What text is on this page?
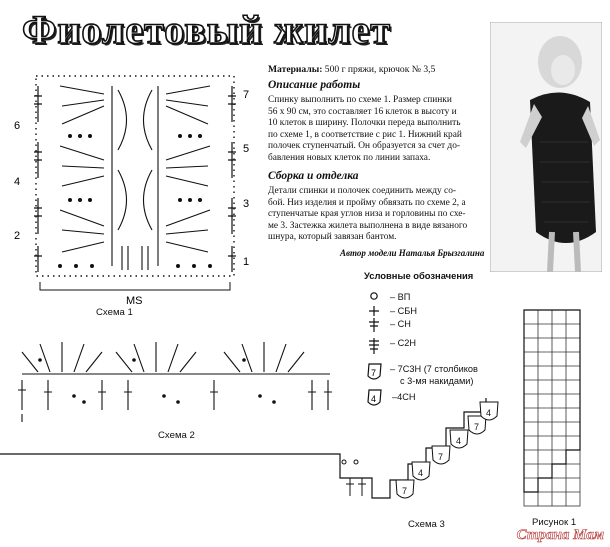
Фиолетовый жилет
Материалы: 500 г пряжи, крючок № 3,5
Описание работы
Спинку выполнить по схеме 1. Размер спинки
56 х 90 см, это составляет 16 клеток в высоту и
10 клеток в ширину. Полочки переда выполнить
по схеме 1, в соответствие с рис 1. Нижний край
полочек ступенчатый. Он образуется за счет до-
бавления новых клеток по линии запаха.
Сборка и отделка
Детали спинки и полочек соединить между со-
бой. Низ изделия и пройму обвязать по схеме 2, а
ступенчатые края углов низа и горловины по схе-
ме 3. Застежка жилета выполнена в виде вязаного
шнура, который завязан бантом.
Автор модели Наталья Брызгалина
6
4
2
7
5
3
1
MS
Схема 1
Схема 2
Условные обозначения
7
4
– ВП
– СБН
– СН
– С2Н
– 7С3Н (7 столбиков
с 3-мя накидами)
–4СН
Рисунок 1
7
4
7
4
7
4
Схема 3
Страна Мам
